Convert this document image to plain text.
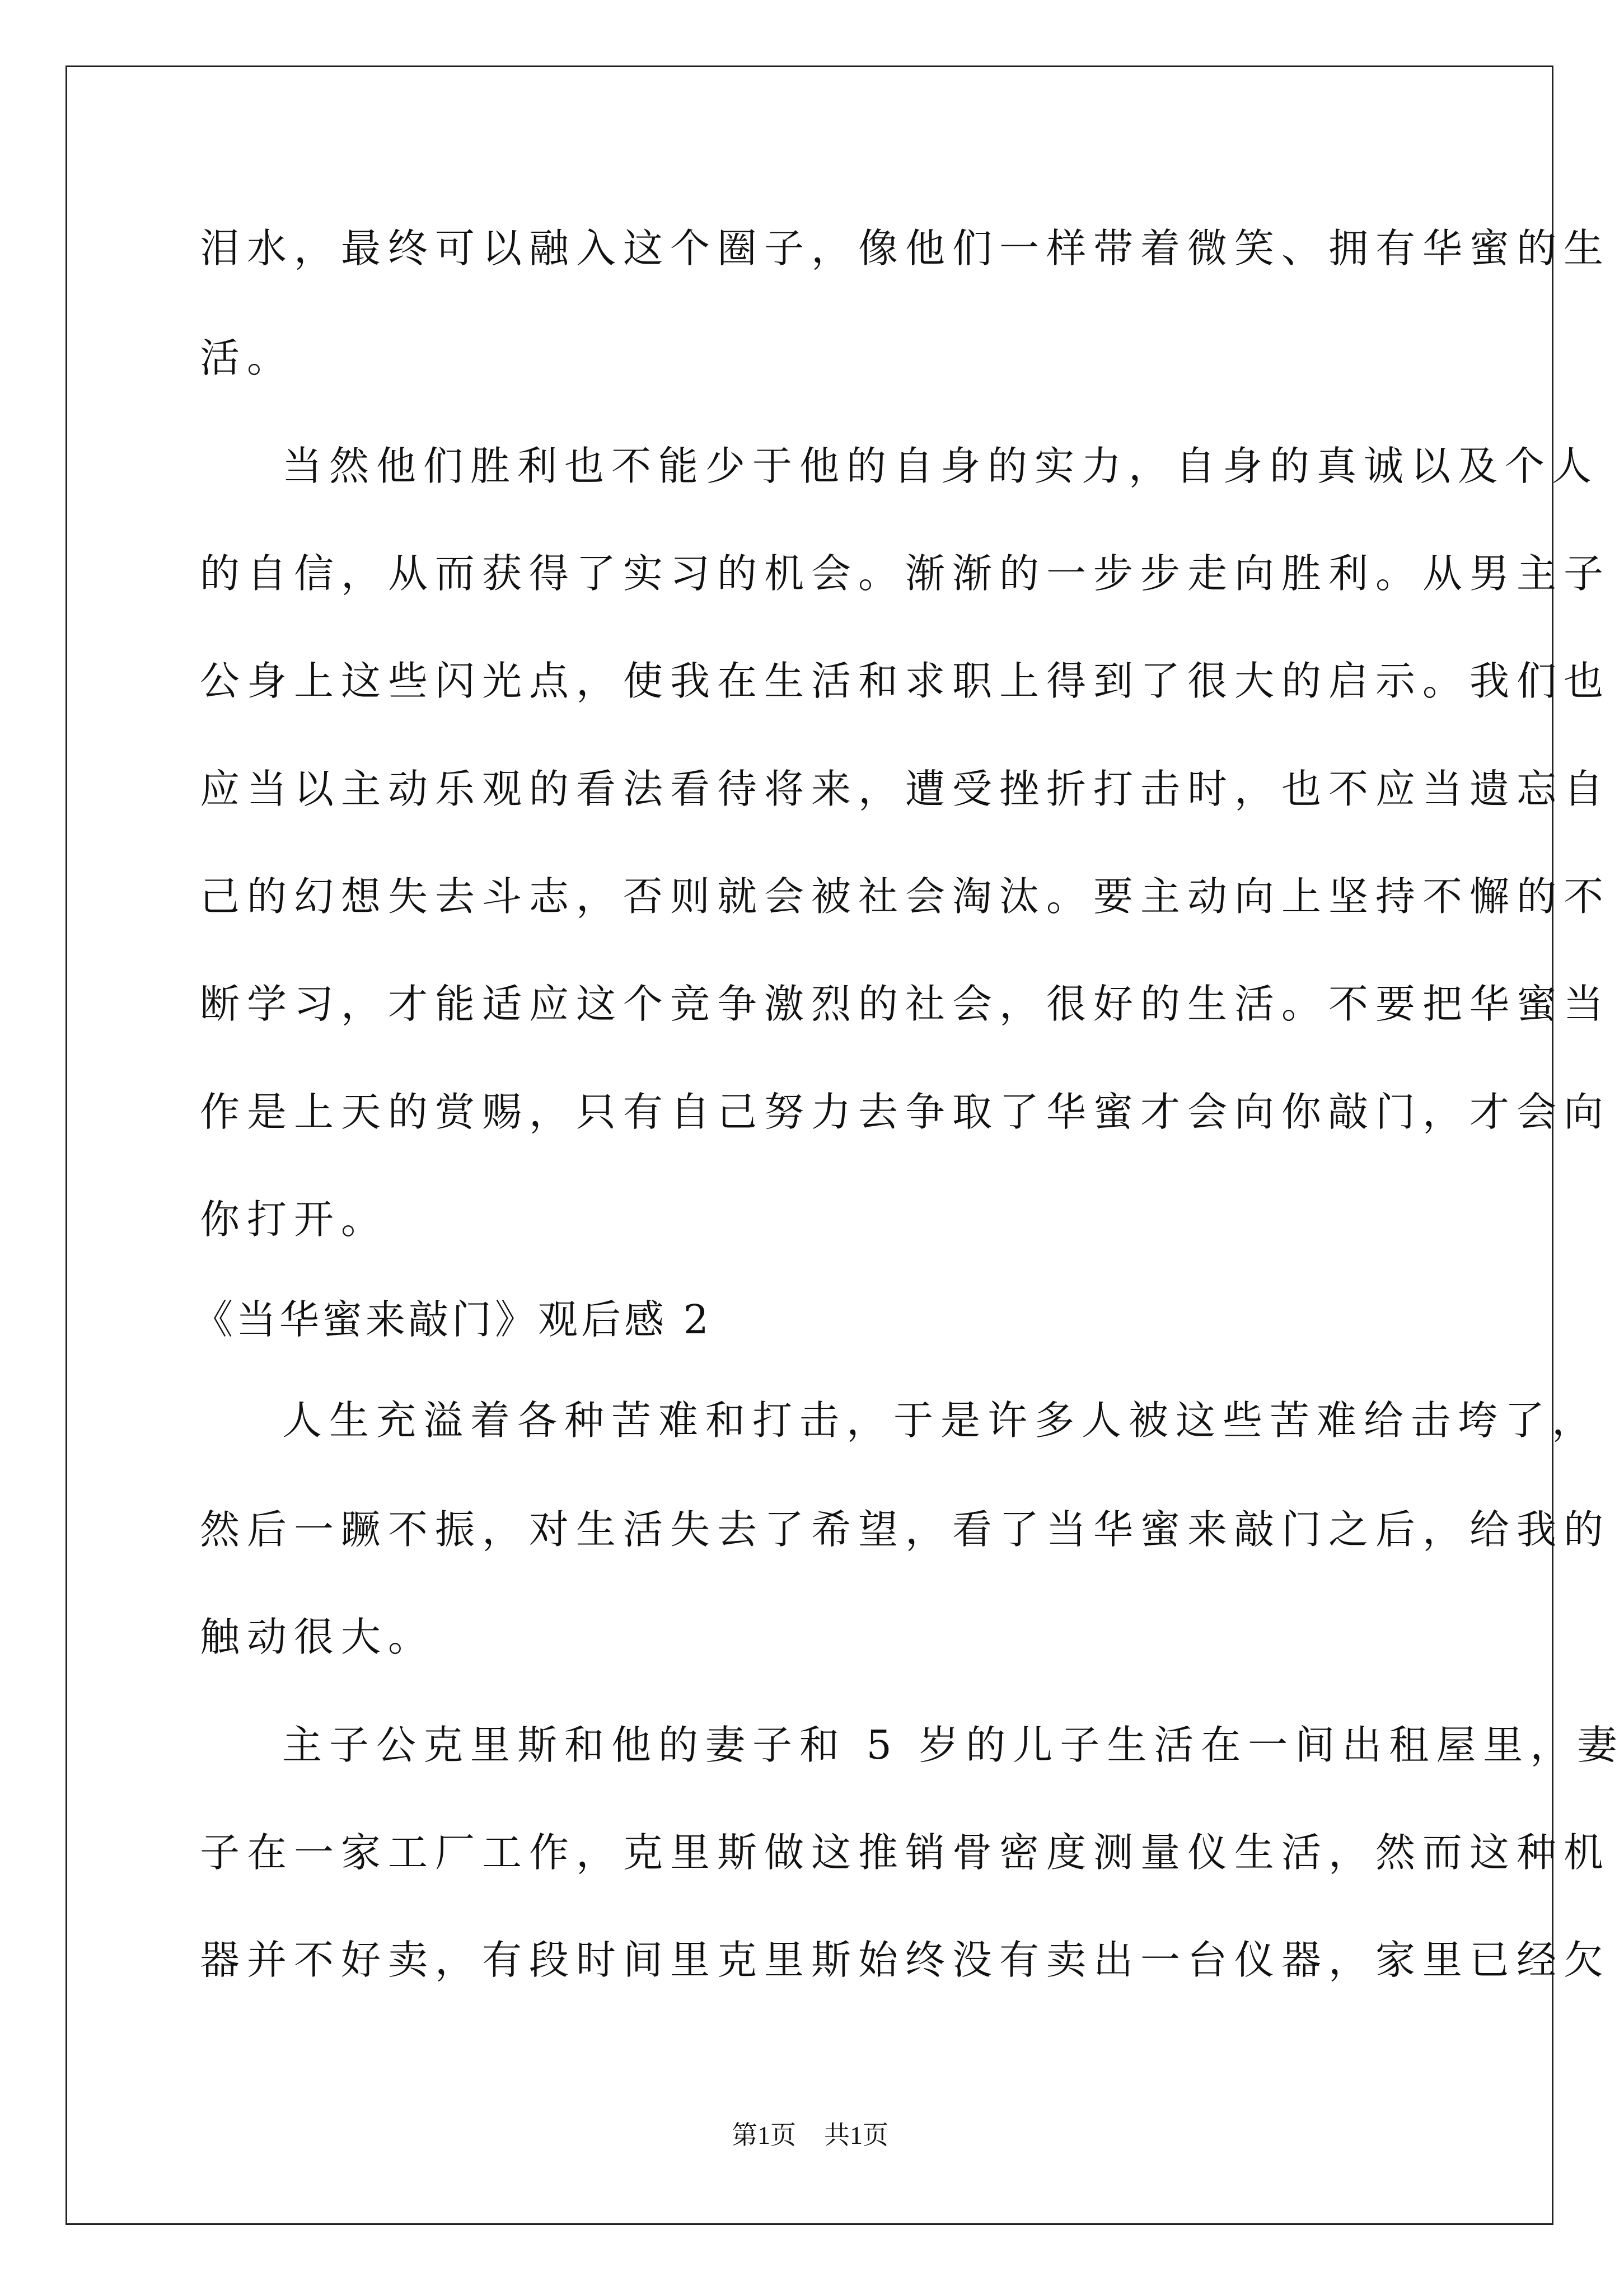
泪水，最终可以融入这个圈子，像他们一样带着微笑、拥有华蜜的生
活。
当然他们胜利也不能少于他的自身的实力，自身的真诚以及个人
的自信，从而获得了实习的机会。渐渐的一步步走向胜利。从男主子
公身上这些闪光点，使我在生活和求职上得到了很大的启示。我们也
应当以主动乐观的看法看待将来，遭受挫折打击时，也不应当遗忘自
己的幻想失去斗志，否则就会被社会淘汰。要主动向上坚持不懈的不
断学习，才能适应这个竞争激烈的社会，很好的生活。不要把华蜜当
作是上天的赏赐，只有自己努力去争取了华蜜才会向你敲门，才会向
你打开。
《当华蜜来敲门》观后感 2
人生充溢着各种苦难和打击，于是许多人被这些苦难给击垮了，
然后一蹶不振，对生活失去了希望，看了当华蜜来敲门之后，给我的
触动很大。
主子公克里斯和他的妻子和 5 岁的儿子生活在一间出租屋里，妻
子在一家工厂工作，克里斯做这推销骨密度测量仪生活，然而这种机
器并不好卖，有段时间里克里斯始终没有卖出一台仪器，家里已经欠
第1页 共1页
